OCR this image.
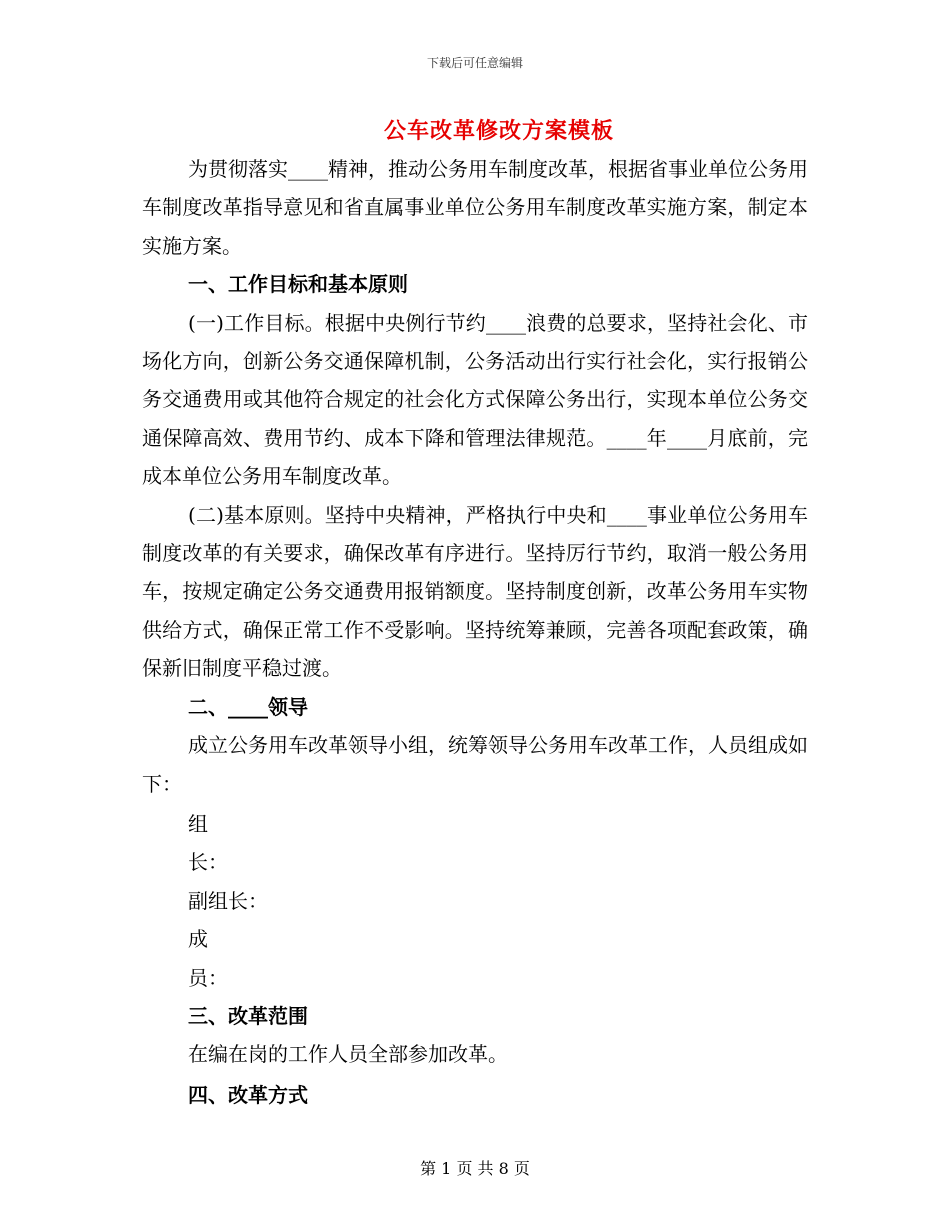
下载后可任意编辑
公车改革修改方案模板

为贯彻落实____精神，推动公务用车制度改革，根据省事业单位公务用车制度改革指导意见和省直属事业单位公务用车制度改革实施方案，制定本实施方案。

一、工作目标和基本原则

(一)工作目标。根据中央例行节约____浪费的总要求，坚持社会化、市场化方向，创新公务交通保障机制，公务活动出行实行社会化，实行报销公务交通费用或其他符合规定的社会化方式保障公务出行，实现本单位公务交通保障高效、费用节约、成本下降和管理法律规范。____年____月底前，完成本单位公务用车制度改革。

(二)基本原则。坚持中央精神，严格执行中央和____事业单位公务用车制度改革的有关要求，确保改革有序进行。坚持厉行节约，取消一般公务用车，按规定确定公务交通费用报销额度。坚持制度创新，改革公务用车实物供给方式，确保正常工作不受影响。坚持统筹兼顾，完善各项配套政策，确保新旧制度平稳过渡。

二、____领导

成立公务用车改革领导小组，统筹领导公务用车改革工作，人员组成如下：

组

长：

副组长：

成

员：

三、改革范围

在编在岗的工作人员全部参加改革。

四、改革方式

第 1 页 共 8 页
